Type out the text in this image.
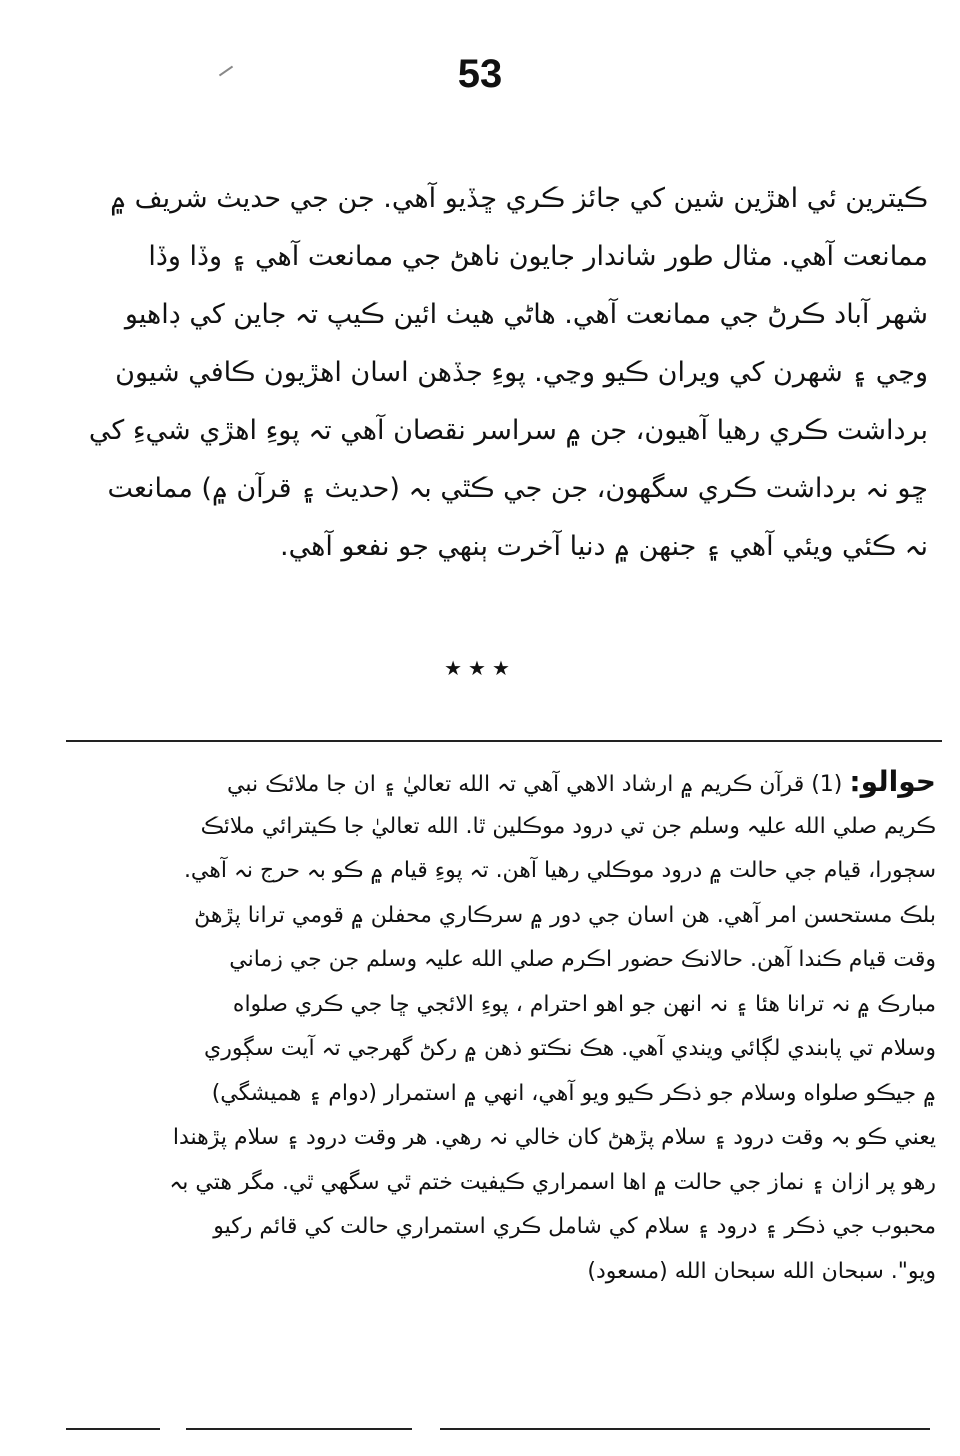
53
ڪيترين ئي اهڙين شين کي جائز ڪري ڇڏيو آهي. جن جي حديث شريف ۾
ممانعت آهي. مثال طور شاندار جايون ناهڻ جي ممانعت آهي ۽ وڏا وڏا
شهر آباد ڪرڻ جي ممانعت آهي. هاڻي هيٺ ائين ڪيپ تہ جاين کي ڊاهيو
وڃي ۽ شهرن کي ويران ڪيو وڃي. پوءِ جڏهن اسان اهڙيون ڪافي شيون
برداشت ڪري رهيا آهيون، جن ۾ سراسر نقصان آهي تہ پوءِ اهڙي شيءِ کي
ڇو نہ برداشت ڪري سگهون، جن جي ڪٿي بہ (حديث ۽ قرآن ۾) ممانعت
نہ ڪئي ويئي آهي ۽ جنهن ۾ دنيا آخرت ٻنهي جو نفعو آهي.
★★★
حوالو: (1) قرآن ڪريم ۾ ارشاد الاهي آهي تہ الله تعاليٰ ۽ ان جا ملائڪ نبي
ڪريم صلي الله عليہ وسلم جن تي درود موڪلين ٿا. الله تعاليٰ جا ڪيترائي ملائڪ
سڄورا، قيام جي حالت ۾ درود موڪلي رهيا آهن. تہ پوءِ قيام ۾ ڪو بہ حرج نہ آهي.
بلڪ مستحسن امر آهي. هن اسان جي دور ۾ سرڪاري محفلن ۾ قومي ترانا پڙهڻ
وقت قيام ڪندا آهن. حالانڪ حضور اڪرم صلي الله عليہ وسلم جن جي زماني
مبارڪ ۾ نہ ترانا هئا ۽ نہ انهن جو اهو احترام ، پوءِ الائجي ڇا جي ڪري صلواه
وسلام تي پابندي لڳائي ويندي آهي. هڪ نڪتو ذهن ۾ رکڻ گهرجي تہ آيت سڳوري
۾ جيڪو صلواه وسلام جو ذڪر ڪيو ويو آهي، انهي ۾ استمرار (دوام ۽ هميشگي)
يعني ڪو بہ وقت درود ۽ سلام پڙهڻ کان خالي نہ رهي. هر وقت درود ۽ سلام پڙهندا
رهو پر ازان ۽ نماز جي حالت ۾ اها اسمراري ڪيفيت ختم ٿي سگهي ٿي. مگر هتي بہ
محبوب جي ذڪر ۽ درود ۽ سلام کي شامل ڪري استمراري حالت کي قائم رکيو
ويو". سبحان الله سبحان الله (مسعود)
